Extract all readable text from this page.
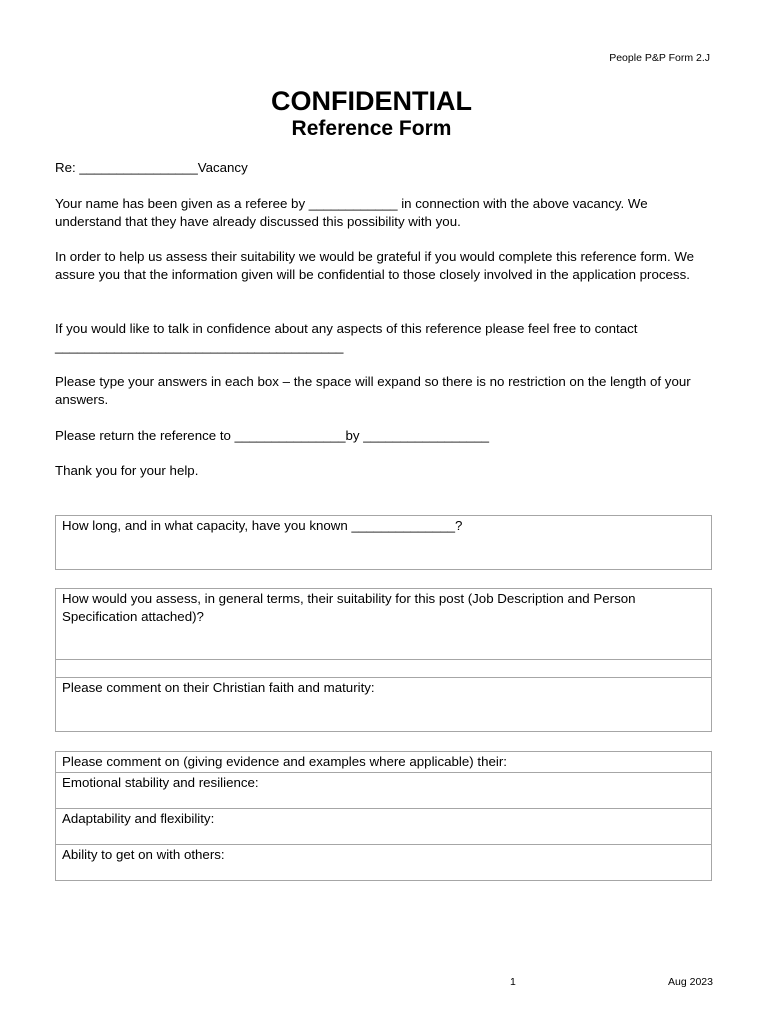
People P&P Form 2.J
CONFIDENTIAL
Reference Form
Re: ________________Vacancy
Your name has been given as a referee by ____________ in connection with the above vacancy. We understand that they have already discussed this possibility with you.
In order to help us assess their suitability we would be grateful if you would complete this reference form. We assure you that the information given will be confidential to those closely involved in the application process.
If you would like to talk in confidence about any aspects of this reference please feel free to contact _______________________________________
Please type your answers in each box – the space will expand so there is no restriction on the length of your answers.
Please return the reference to _______________by _________________
Thank you for your help.
How long, and in what capacity, have you known ______________?
How would you assess, in general terms, their suitability for this post (Job Description and Person Specification attached)?

Please comment on their Christian faith and maturity:
Please comment on (giving evidence and examples where applicable) their:
Emotional stability and resilience:
Adaptability and flexibility:
Ability to get on with others:
1	Aug 2023
